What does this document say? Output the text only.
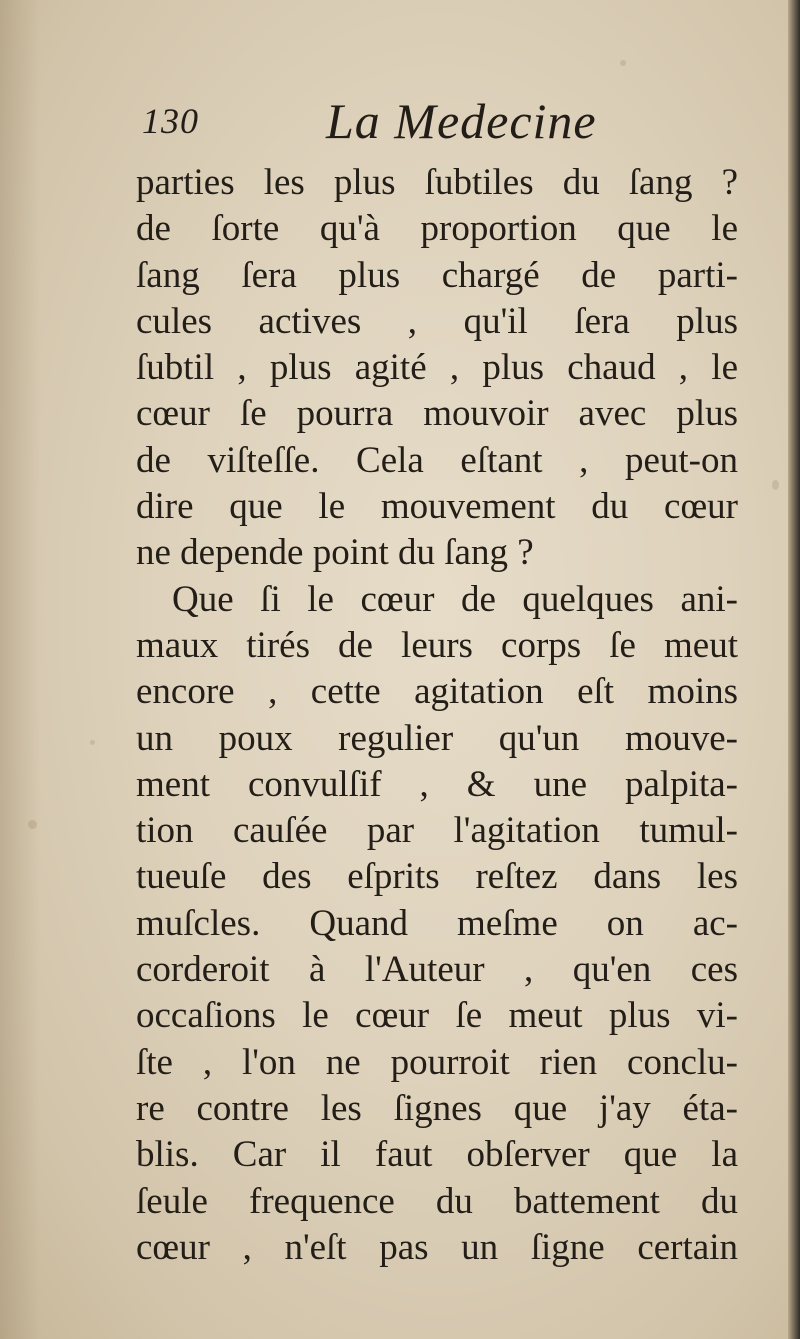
130	La Medecine
parties les plus ſubtiles du ſang ?
de ſorte qu'à proportion que le
ſang ſera plus chargé de parti-
cules actives , qu'il ſera plus
ſubtil , plus agité , plus chaud , le
cœur ſe pourra mouvoir avec plus
de viſteſſe. Cela eſtant , peut-on
dire que le mouvement du cœur
ne depende point du ſang ?
Que ſi le cœur de quelques ani-
maux tirés de leurs corps ſe meut
encore , cette agitation eſt moins
un poux regulier qu'un mouve-
ment convulſif , & une palpita-
tion cauſée par l'agitation tumul-
tueuſe des eſprits reſtez dans les
muſcles. Quand meſme on ac-
corderoit à l'Auteur , qu'en ces
occaſions le cœur ſe meut plus vi-
ſte , l'on ne pourroit rien conclu-
re contre les ſignes que j'ay éta-
blis. Car il faut obſerver que la
ſeule frequence du battement du
cœur , n'eſt pas un ſigne certain
